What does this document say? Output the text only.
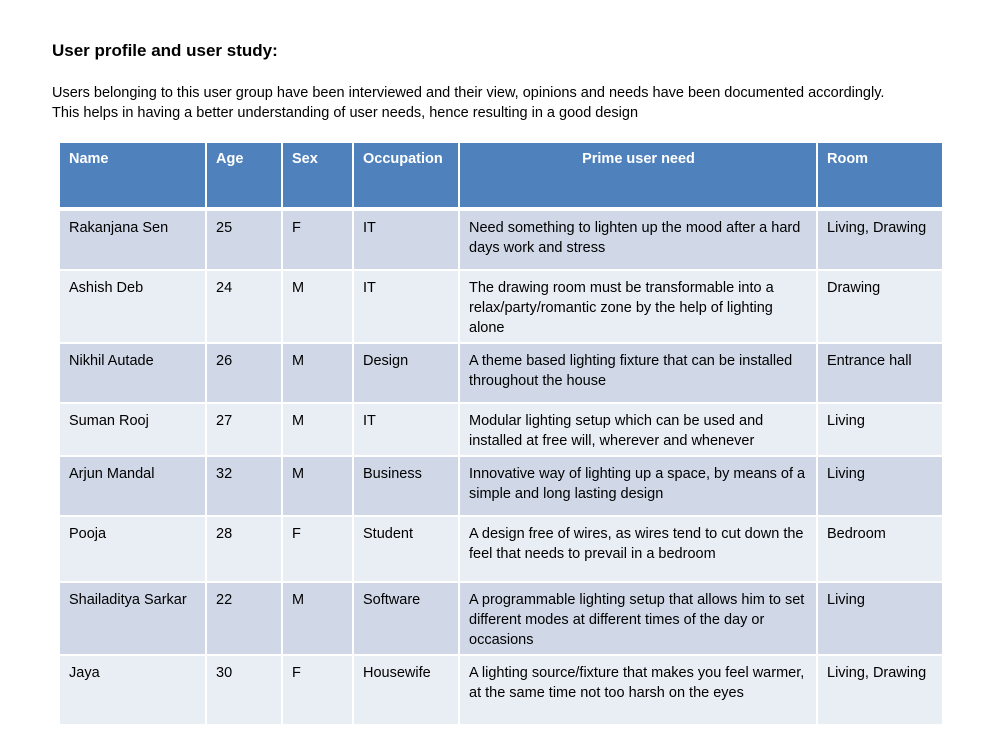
User profile and user study:

Users belonging to this user group have been interviewed and their view, opinions and needs have been documented accordingly.

This helps in having a better understanding of user needs, hence resulting in a good design

Name	Age	Sex	Occupation	Prime user need	Room
Rakanjana Sen	25	F	IT	Need something to lighten up the mood after a hard days work and stress	Living, Drawing
Ashish Deb	24	M	IT	The drawing room must be transformable into a relax/party/romantic zone by the help of lighting alone	Drawing
Nikhil Autade	26	M	Design	A theme based lighting fixture that can be installed throughout the house	Entrance hall
Suman Rooj	27	M	IT	Modular lighting setup which can be used and installed at free will, wherever and whenever	Living
Arjun Mandal	32	M	Business	Innovative way of lighting up a space, by means of a simple and long lasting design	Living
Pooja	28	F	Student	A design free of wires, as wires tend to cut down the feel that needs to prevail in a bedroom	Bedroom
Shailaditya Sarkar	22	M	Software	A programmable lighting setup that allows him to set different modes at different times of the day or occasions	Living
Jaya	30	F	Housewife	A lighting source/fixture that makes you feel warmer, at the same time not too harsh on the eyes	Living, Drawing
